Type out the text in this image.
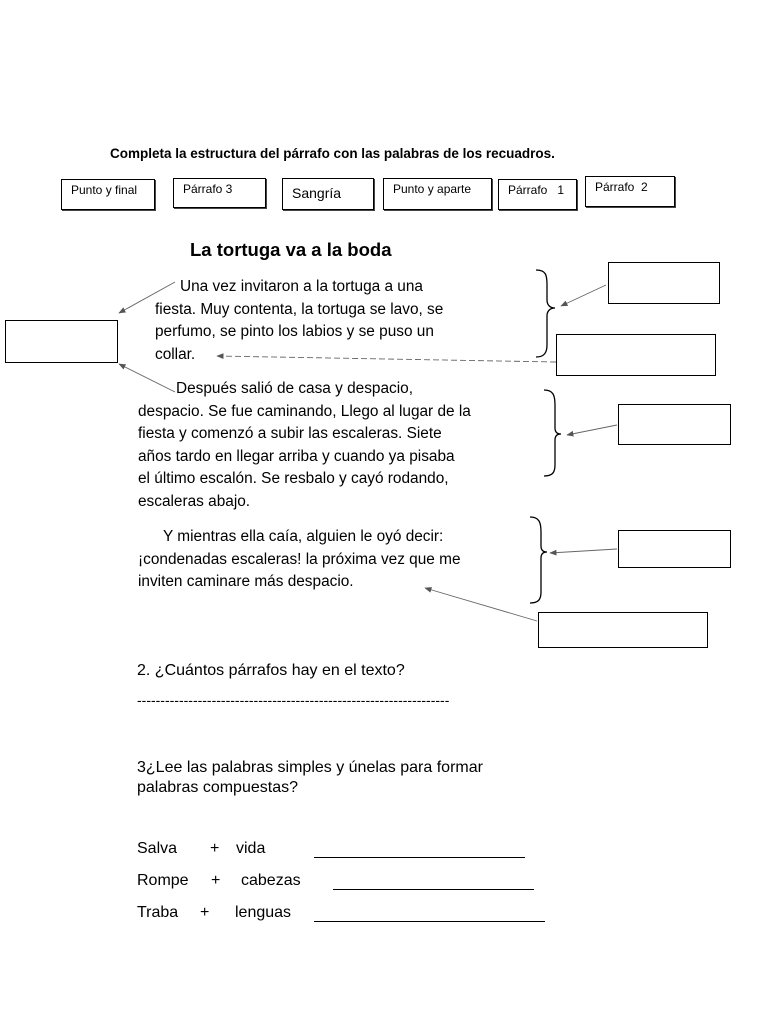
Completa la estructura del párrafo con las palabras de los recuadros.
Punto y final	Párrafo 3	Sangría	Punto y aparte	Párrafo   1	Párrafo  2
La tortuga va a la boda
Una vez invitaron a la tortuga a una
fiesta. Muy contenta, la tortuga se lavo, se
perfumo, se pinto los labios y se puso un
collar.
Después salió de casa y despacio,
despacio. Se fue caminando, Llego al lugar de la
fiesta y comenzó a subir las escaleras. Siete
años tardo en llegar arriba y cuando ya pisaba
el último escalón. Se resbalo y cayó rodando,
escaleras abajo.
Y mientras ella caía, alguien le oyó decir:
¡condenadas escaleras! la próxima vez que me
inviten caminare más despacio.
2. ¿Cuántos párrafos hay en el texto?
-------------------------------------------------------------------
3¿Lee las palabras simples y únelas para formar
palabras compuestas?
Salva + vida
Rompe + cabezas
Traba + lenguas
